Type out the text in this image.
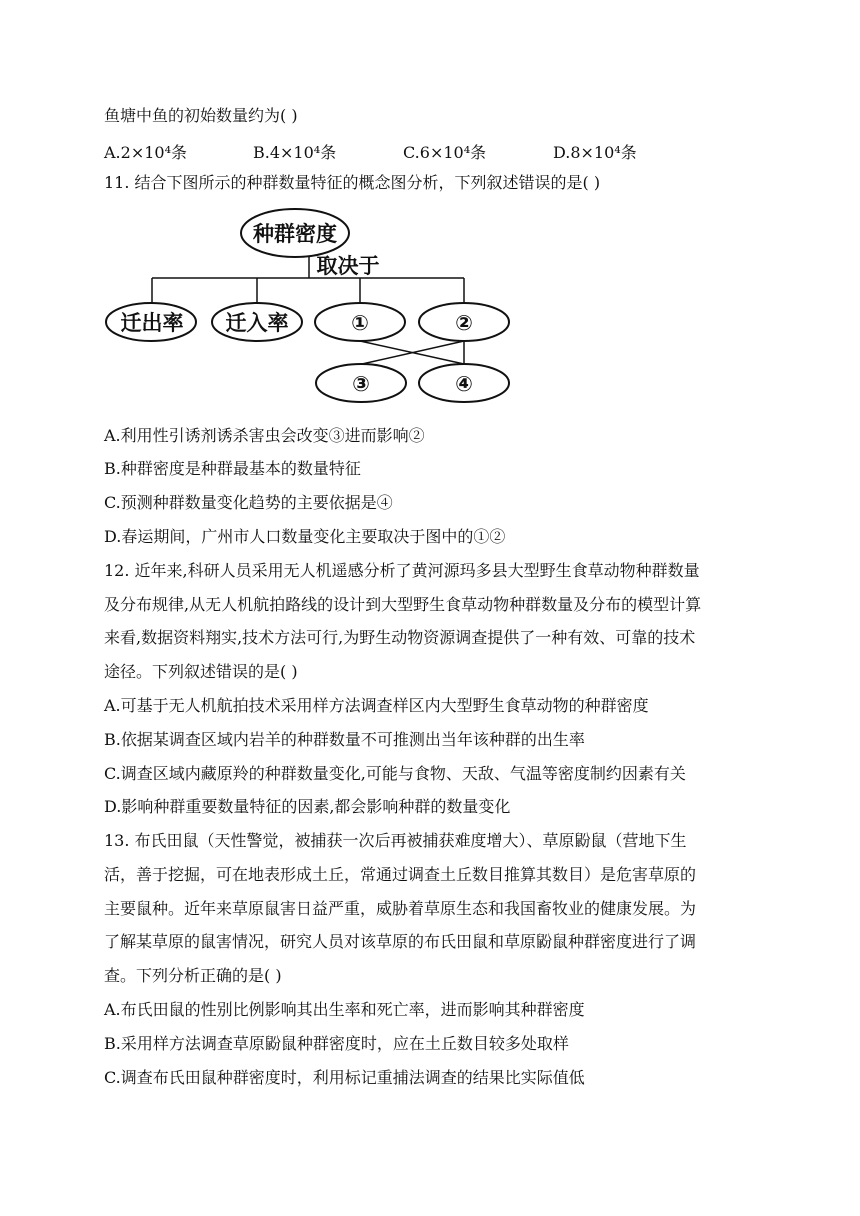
鱼塘中鱼的初始数量约为( )
A.2×10⁴条	B.4×10⁴条	C.6×10⁴条	D.8×10⁴条
11. 结合下图所示的种群数量特征的概念图分析，下列叙述错误的是( )
种群密度
取决于
迁出率 迁入率	①	②
③	④
A.利用性引诱剂诱杀害虫会改变③进而影响②
B.种群密度是种群最基本的数量特征
C.预测种群数量变化趋势的主要依据是④
D.春运期间，广州市人口数量变化主要取决于图中的①②
12. 近年来,科研人员采用无人机遥感分析了黄河源玛多县大型野生食草动物种群数量
及分布规律,从无人机航拍路线的设计到大型野生食草动物种群数量及分布的模型计算
来看,数据资料翔实,技术方法可行,为野生动物资源调查提供了一种有效、可靠的技术
途径。下列叙述错误的是( )
A.可基于无人机航拍技术采用样方法调查样区内大型野生食草动物的种群密度
B.依据某调查区域内岩羊的种群数量不可推测出当年该种群的出生率
C.调查区域内藏原羚的种群数量变化,可能与食物、天敌、气温等密度制约因素有关
D.影响种群重要数量特征的因素,都会影响种群的数量变化
13. 布氏田鼠（天性警觉，被捕获一次后再被捕获难度增大）、草原鼢鼠（营地下生
活，善于挖掘，可在地表形成土丘，常通过调查土丘数目推算其数目）是危害草原的
主要鼠种。近年来草原鼠害日益严重，威胁着草原生态和我国畜牧业的健康发展。为
了解某草原的鼠害情况，研究人员对该草原的布氏田鼠和草原鼢鼠种群密度进行了调
查。下列分析正确的是( )
A.布氏田鼠的性别比例影响其出生率和死亡率，进而影响其种群密度
B.采用样方法调查草原鼢鼠种群密度时，应在土丘数目较多处取样
C.调查布氏田鼠种群密度时，利用标记重捕法调查的结果比实际值低
